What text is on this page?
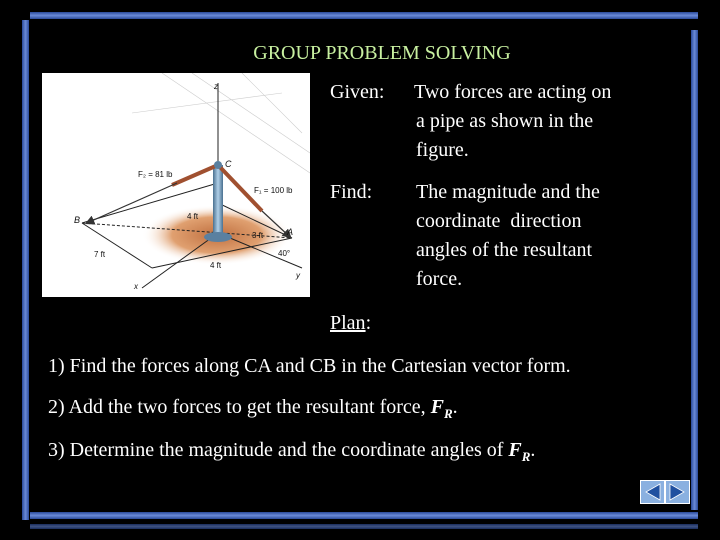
GROUP PROBLEM SOLVING
z
x
y
C
A
B
F₂ = 81 lb
F₁ = 100 lb
4 ft
3 ft
7 ft
4 ft
40°
Given: Two forces are acting on
a pipe as shown in the
figure.
Find: The magnitude and the
coordinate  direction
angles of the resultant
force.
Plan:
1) Find the forces along CA and CB in the Cartesian vector form.
2) Add the two forces to get the resultant force, $F_R$.
3) Determine the magnitude and the coordinate angles of $F_R$.
